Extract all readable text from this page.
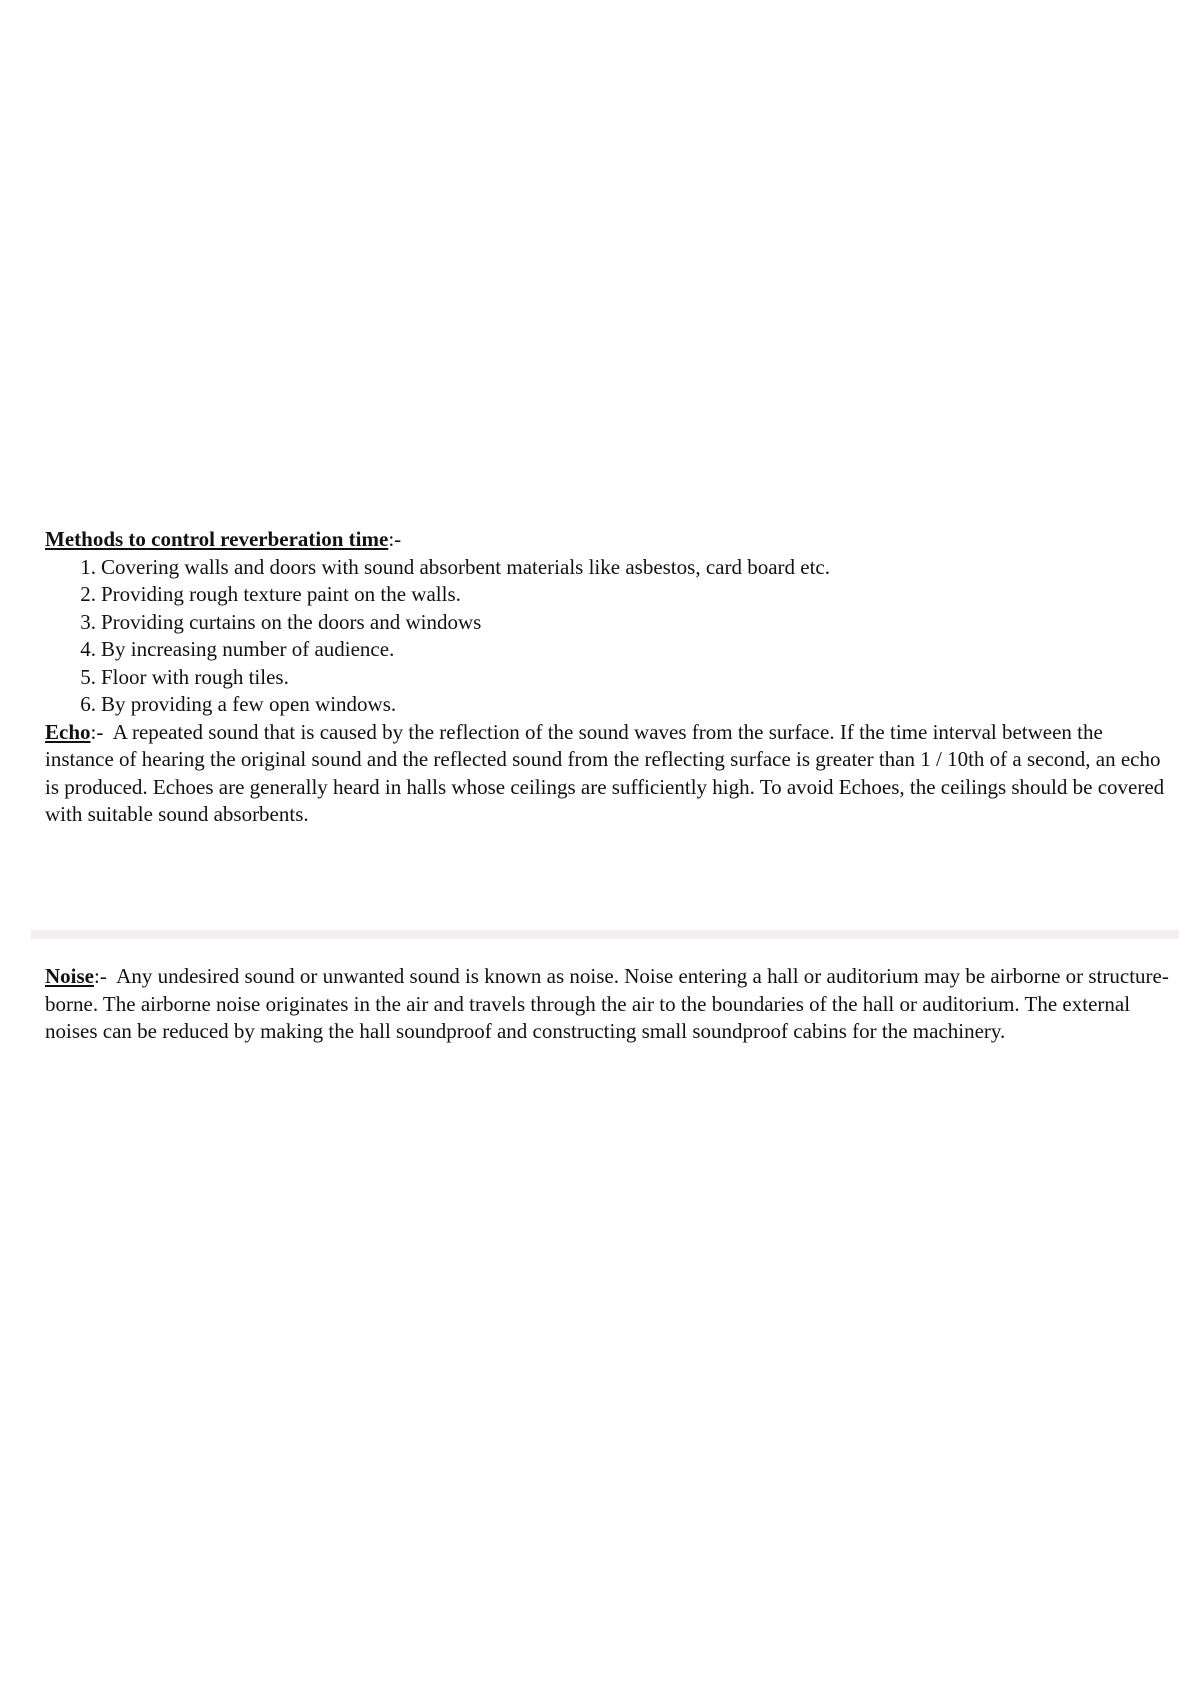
Methods to control reverberation time:-
1. Covering walls and doors with sound absorbent materials like asbestos, card board etc.
2. Providing rough texture paint on the walls.
3. Providing curtains on the doors and windows
4. By increasing number of audience.
5. Floor with rough tiles.
6. By providing a few open windows.

Echo:- A repeated sound that is caused by the reflection of the sound waves from the surface. If the time interval between the instance of hearing the original sound and the reflected sound from the reflecting surface is greater than 1 / 10th of a second, an echo is produced. Echoes are generally heard in halls whose ceilings are sufficiently high. To avoid Echoes, the ceilings should be covered with suitable sound absorbents.

Noise:- Any undesired sound or unwanted sound is known as noise. Noise entering a hall or auditorium may be airborne or structure-borne. The airborne noise originates in the air and travels through the air to the boundaries of the hall or auditorium. The external noises can be reduced by making the hall soundproof and constructing small soundproof cabins for the machinery.
